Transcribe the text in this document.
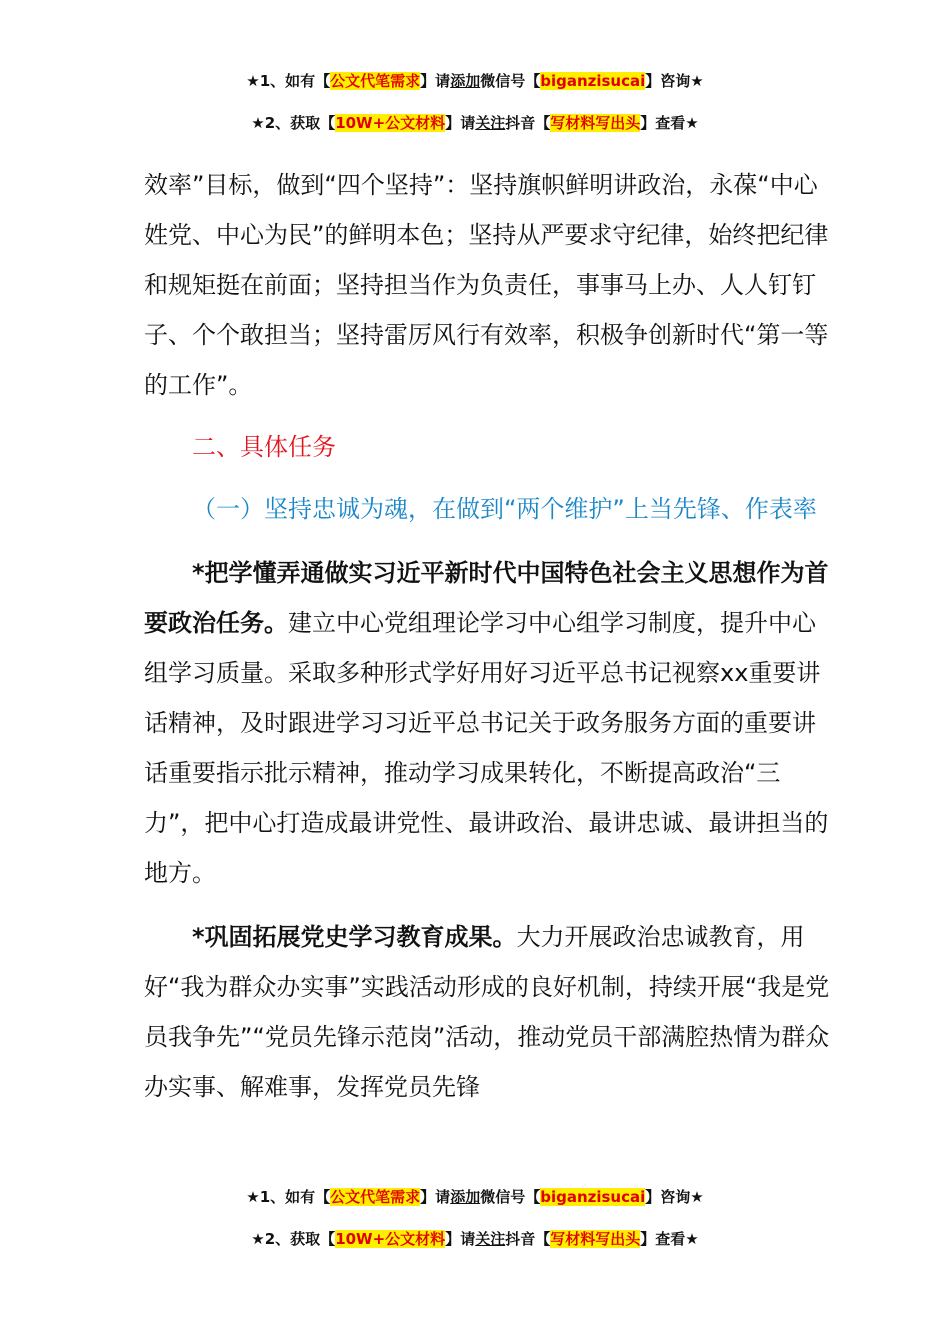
★1、如有【公文代笔需求】请添加微信号【biganzisucai】咨询★
★2、获取【10W+公文材料】请关注抖音【写材料写出头】查看★

效率”目标，做到“四个坚持”：坚持旗帜鲜明讲政治，永葆“中心姓党、中心为民”的鲜明本色；坚持从严要求守纪律，始终把纪律和规矩挺在前面；坚持担当作为负责任，事事马上办、人人钉钉子、个个敢担当；坚持雷厉风行有效率，积极争创新时代“第一等的工作”。

二、具体任务

（一）坚持忠诚为魂，在做到“两个维护”上当先锋、作表率

*把学懂弄通做实习近平新时代中国特色社会主义思想作为首要政治任务。建立中心党组理论学习中心组学习制度，提升中心组学习质量。采取多种形式学好用好习近平总书记视察xx重要讲话精神，及时跟进学习习近平总书记关于政务服务方面的重要讲话重要指示批示精神，推动学习成果转化，不断提高政治“三力”，把中心打造成最讲党性、最讲政治、最讲忠诚、最讲担当的地方。

*巩固拓展党史学习教育成果。大力开展政治忠诚教育，用好“我为群众办实事”实践活动形成的良好机制，持续开展“我是党员我争先”“党员先锋示范岗”活动，推动党员干部满腔热情为群众办实事、解难事，发挥党员先锋

★1、如有【公文代笔需求】请添加微信号【biganzisucai】咨询★
★2、获取【10W+公文材料】请关注抖音【写材料写出头】查看★
